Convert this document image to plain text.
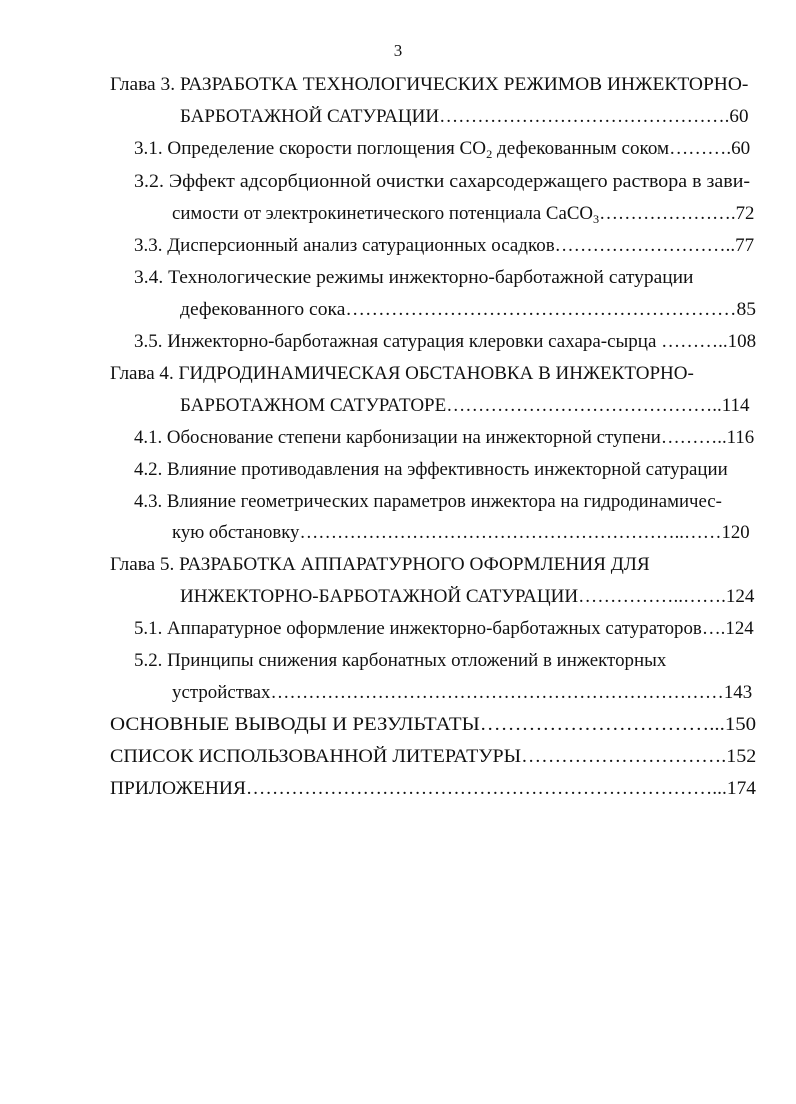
3
Глава 3. РАЗРАБОТКА ТЕХНОЛОГИЧЕСКИХ РЕЖИМОВ ИНЖЕКТОРНО-
БАРБОТАЖНОЙ САТУРАЦИИ……………………………………….60
3.1. Определение скорости поглощения $CO_2$ дефекованным соком……….60
3.2. Эффект адсорбционной очистки сахарсодержащего раствора в зави-
симости от электрокинетического потенциала CaCO$_3$………………….72
3.3. Дисперсионный анализ сатурационных осадков………………………..77
3.4. Технологические режимы инжекторно-барботажной сатурации
дефекованного сока……………………………………………………85
3.5. Инжекторно-барботажная сатурация клеровки сахара-сырца ………..108
Глава 4. ГИДРОДИНАМИЧЕСКАЯ ОБСТАНОВКА В ИНЖЕКТОРНО-
БАРБОТАЖНОМ САТУРАТОРЕ……………………………………..114
4.1. Обоснование степени карбонизации на инжекторной ступени………..116
4.2. Влияние противодавления на эффективность инжекторной сатурации
4.3. Влияние геометрических параметров инжектора на гидродинамичес-
кую обстановку……………………………………………………..……120
Глава 5. РАЗРАБОТКА АППАРАТУРНОГО ОФОРМЛЕНИЯ ДЛЯ
ИНЖЕКТОРНО-БАРБОТАЖНОЙ САТУРАЦИИ……………..…….124
5.1. Аппаратурное оформление инжекторно-барботажных сатураторов….124
5.2. Принципы снижения карбонатных отложений в инжекторных
устройствах………………………………………………………………143
ОСНОВНЫЕ ВЫВОДЫ И РЕЗУЛЬТАТЫ……………………………...150
СПИСОК ИСПОЛЬЗОВАННОЙ ЛИТЕРАТУРЫ………………………….152
ПРИЛОЖЕНИЯ………………………………………………………………...174
